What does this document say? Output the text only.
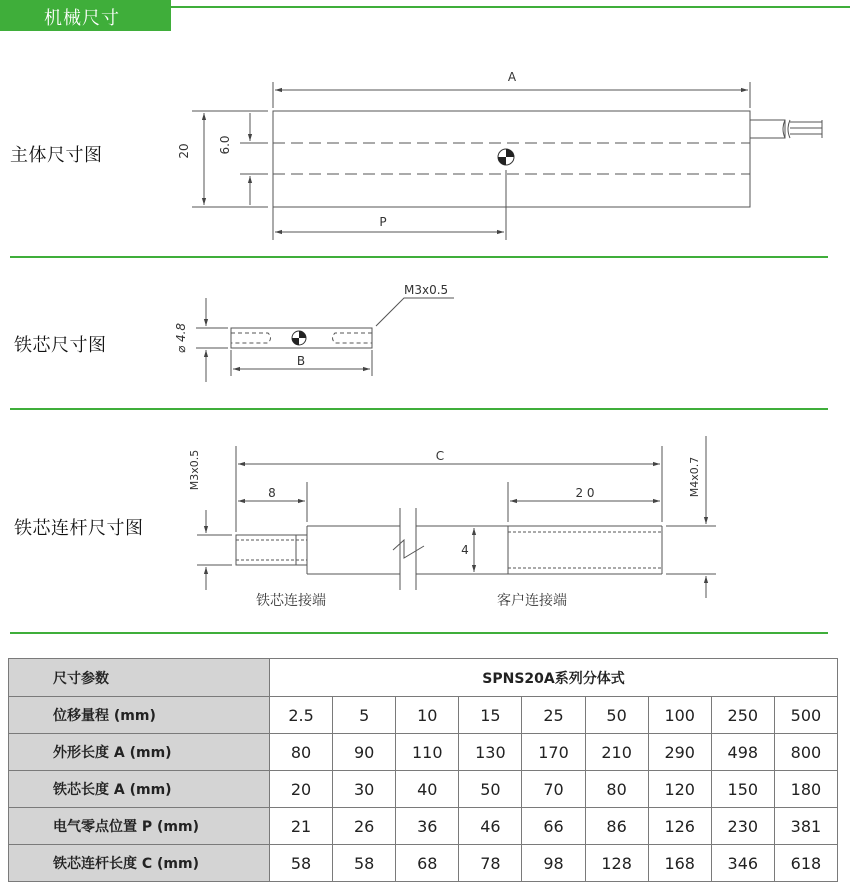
机械尺寸
主体尺寸图
铁芯尺寸图
铁芯连杆尺寸图
A
P
20 6.0
B
⌀ 4.8
M3x0.5
C
8	2 0
4
M3x0.5	M4x0.7
铁芯连接端	客户连接端
尺寸参数	SPNS20A系列分体式								
位移量程 (mm)	2.5	5	10	15	25	50	100	250	500
外形长度 A (mm)	80	90	110	130	170	210	290	498	800
铁芯长度 A (mm)	20	30	40	50	70	80	120	150	180
电气零点位置 P (mm)	21	26	36	46	66	86	126	230	381
铁芯连杆长度 C (mm)	58	58	68	78	98	128	168	346	618
